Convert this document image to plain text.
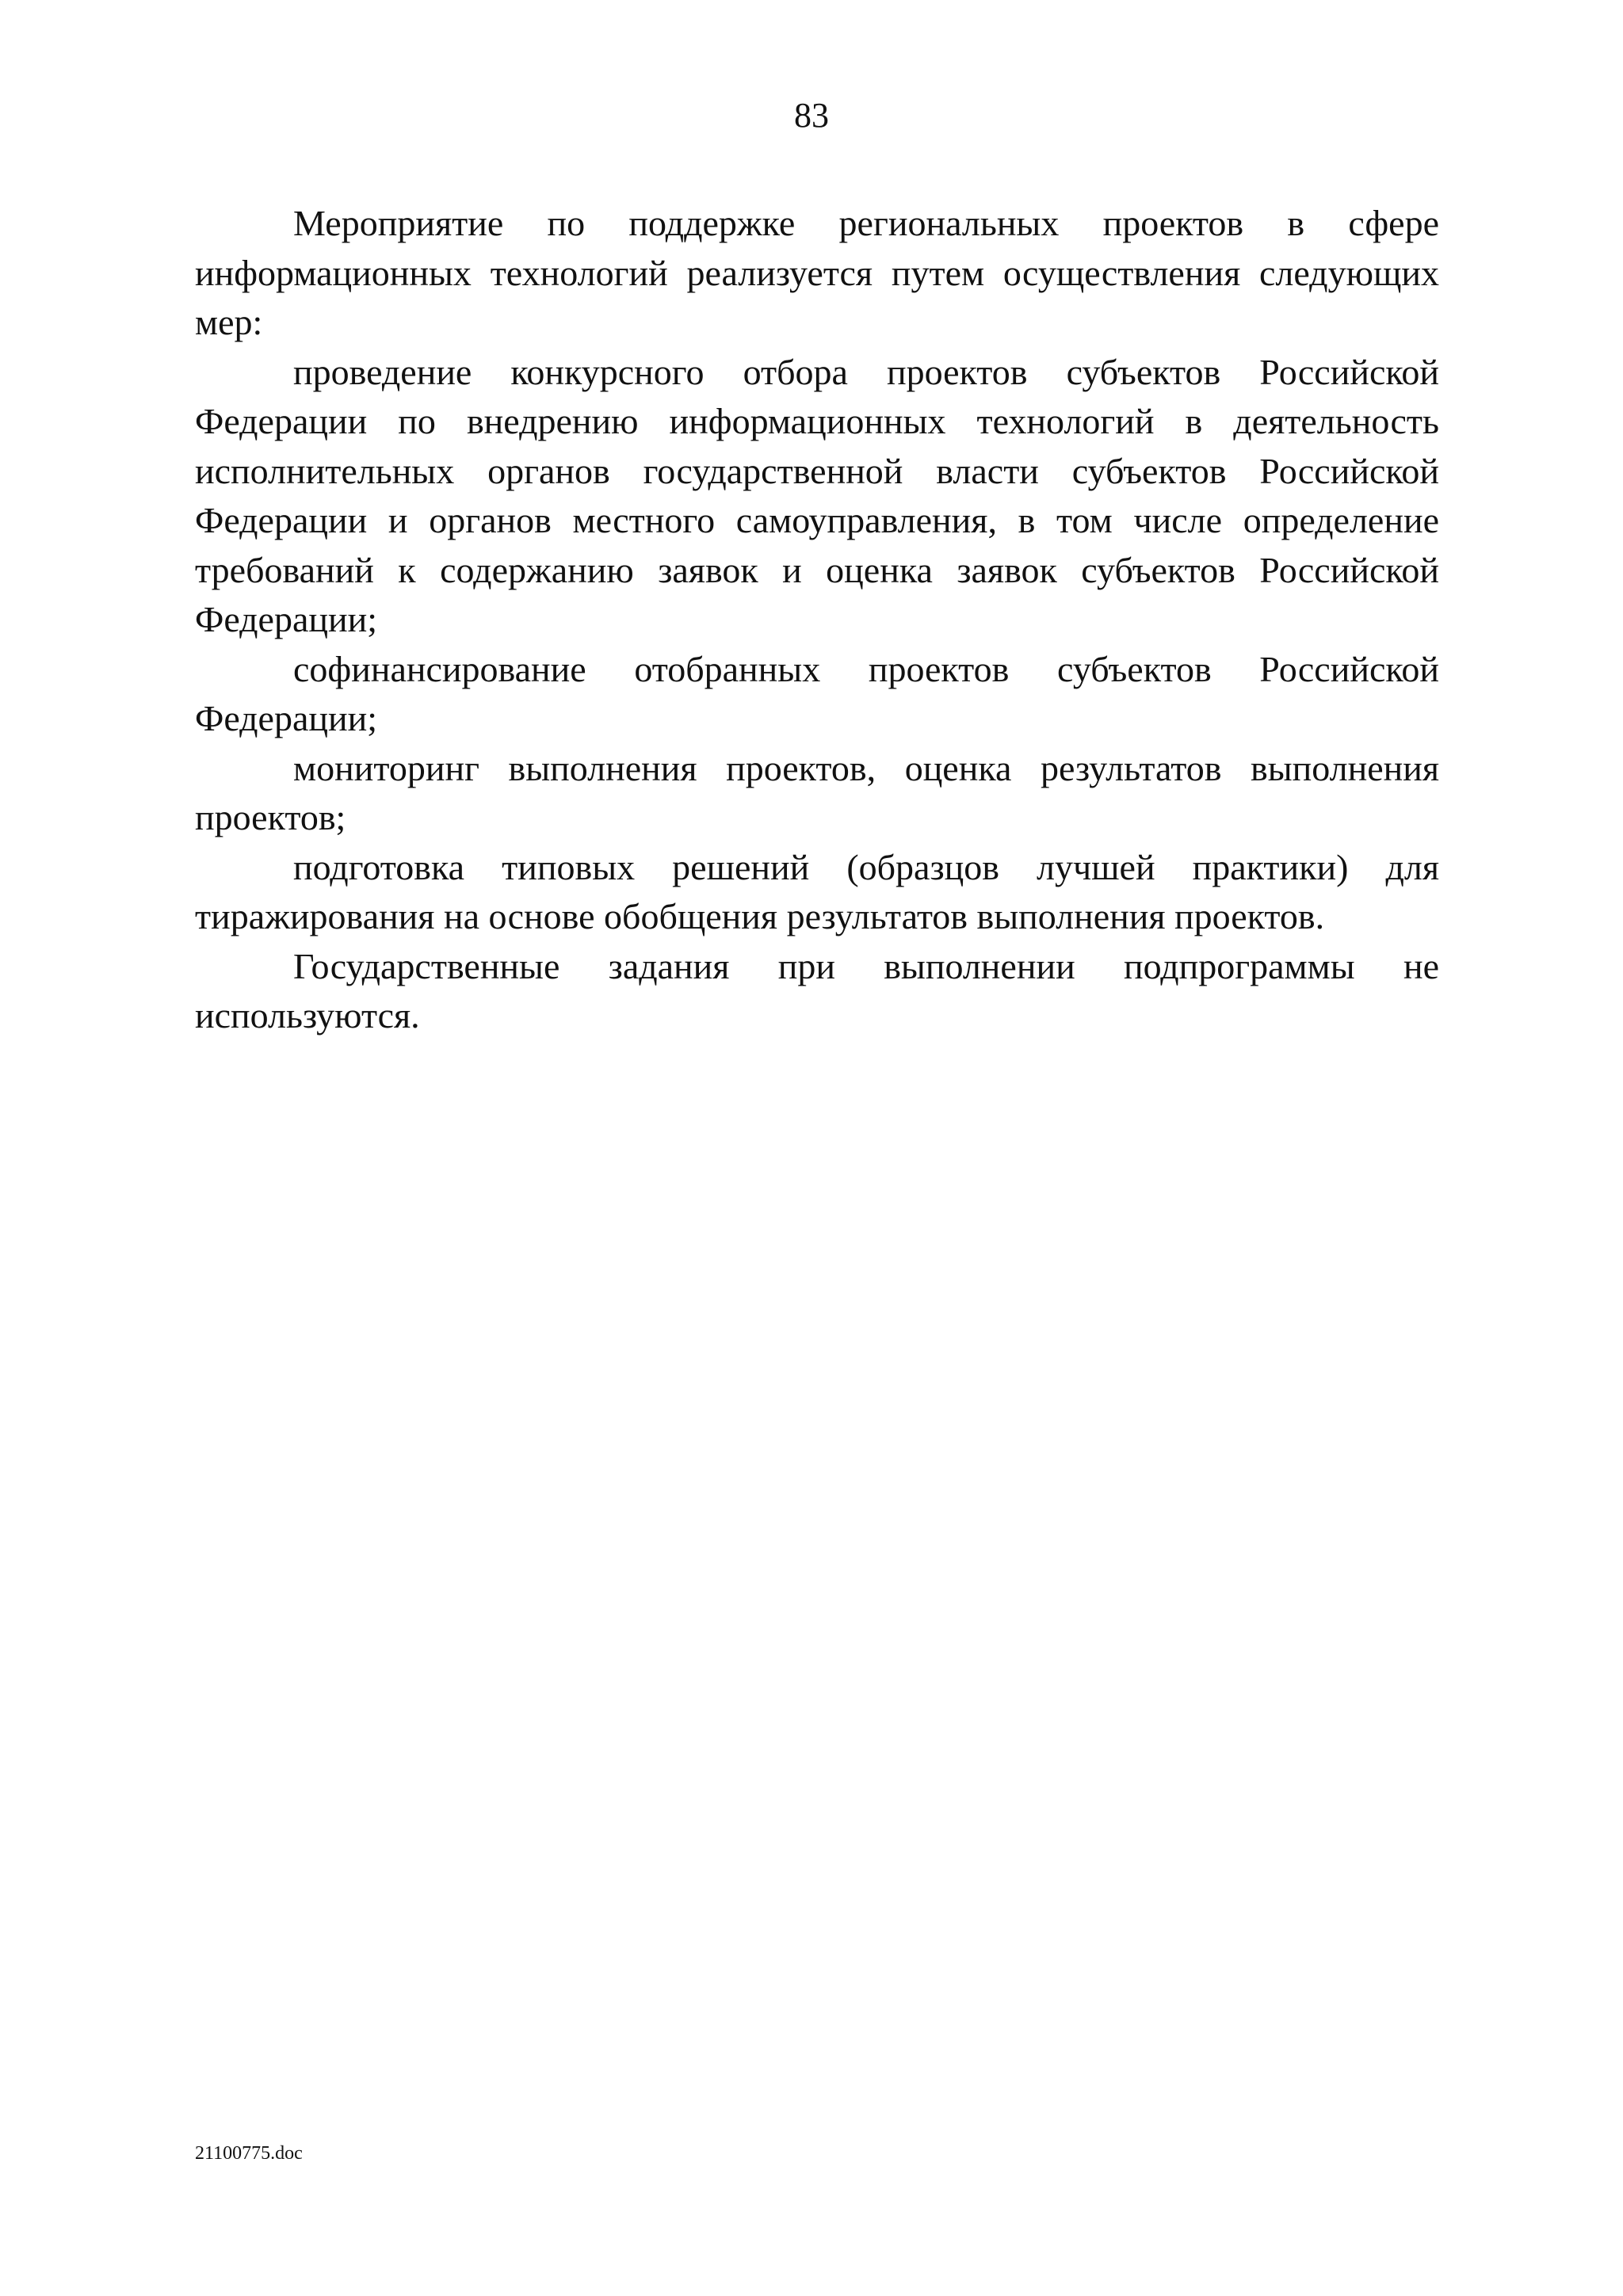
83

Мероприятие по поддержке региональных проектов в сфере информационных технологий реализуется путем осуществления следующих мер:

проведение конкурсного отбора проектов субъектов Российской Федерации по внедрению информационных технологий в деятельность исполнительных органов государственной власти субъектов Российской Федерации и органов местного самоуправления, в том числе определение требований к содержанию заявок и оценка заявок субъектов Российской Федерации;

софинансирование отобранных проектов субъектов Российской Федерации;

мониторинг выполнения проектов, оценка результатов выполнения проектов;

подготовка типовых решений (образцов лучшей практики) для тиражирования на основе обобщения результатов выполнения проектов.

Государственные задания при выполнении подпрограммы не используются.

21100775.doc
